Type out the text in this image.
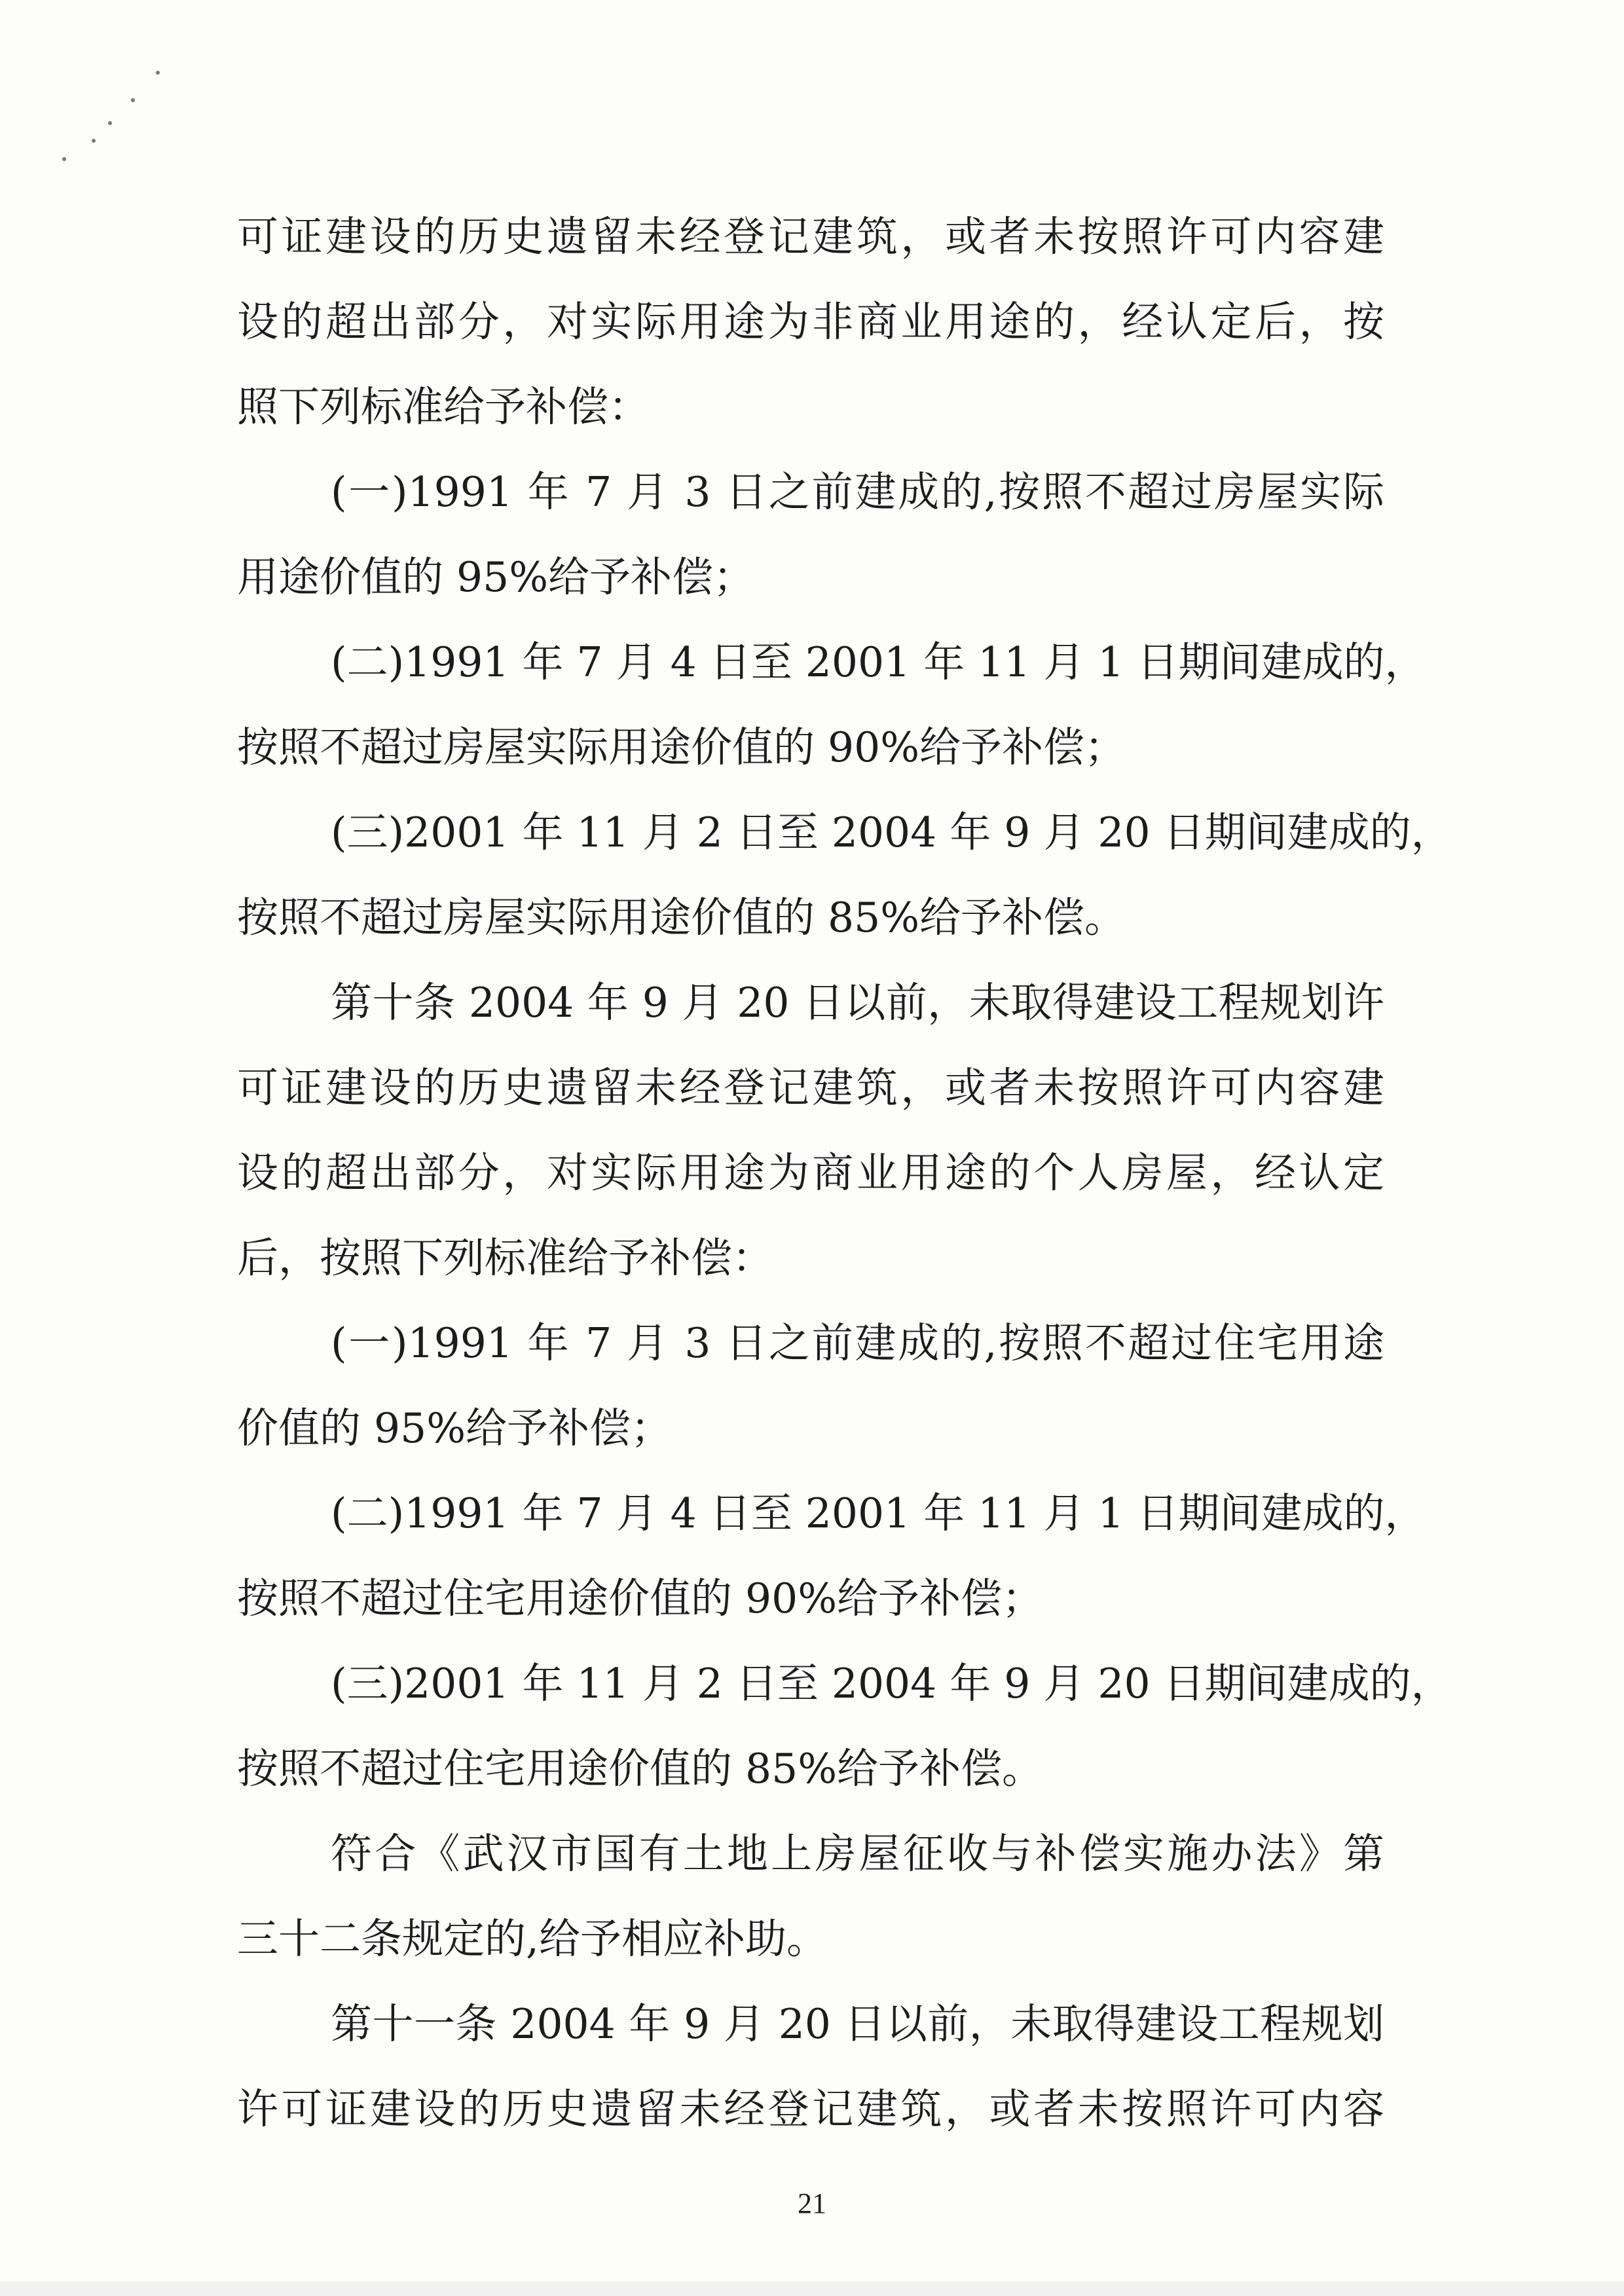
可证建设的历史遗留未经登记建筑，或者未按照许可内容建
设的超出部分，对实际用途为非商业用途的，经认定后，按
照下列标准给予补偿：
(一)1991 年 7 月 3 日之前建成的,按照不超过房屋实际
用途价值的 95%给予补偿；
(二)1991 年 7 月 4 日至 2001 年 11 月 1 日期间建成的，
按照不超过房屋实际用途价值的 90%给予补偿；
(三)2001 年 11 月 2 日至 2004 年 9 月 20 日期间建成的，
按照不超过房屋实际用途价值的 85%给予补偿。
第十条 2004 年 9 月 20 日以前，未取得建设工程规划许
可证建设的历史遗留未经登记建筑，或者未按照许可内容建
设的超出部分，对实际用途为商业用途的个人房屋，经认定
后，按照下列标准给予补偿：
(一)1991 年 7 月 3 日之前建成的,按照不超过住宅用途
价值的 95%给予补偿；
(二)1991 年 7 月 4 日至 2001 年 11 月 1 日期间建成的，
按照不超过住宅用途价值的 90%给予补偿；
(三)2001 年 11 月 2 日至 2004 年 9 月 20 日期间建成的，
按照不超过住宅用途价值的 85%给予补偿。
符合《武汉市国有土地上房屋征收与补偿实施办法》第
三十二条规定的,给予相应补助。
第十一条 2004 年 9 月 20 日以前，未取得建设工程规划
许可证建设的历史遗留未经登记建筑，或者未按照许可内容
21
